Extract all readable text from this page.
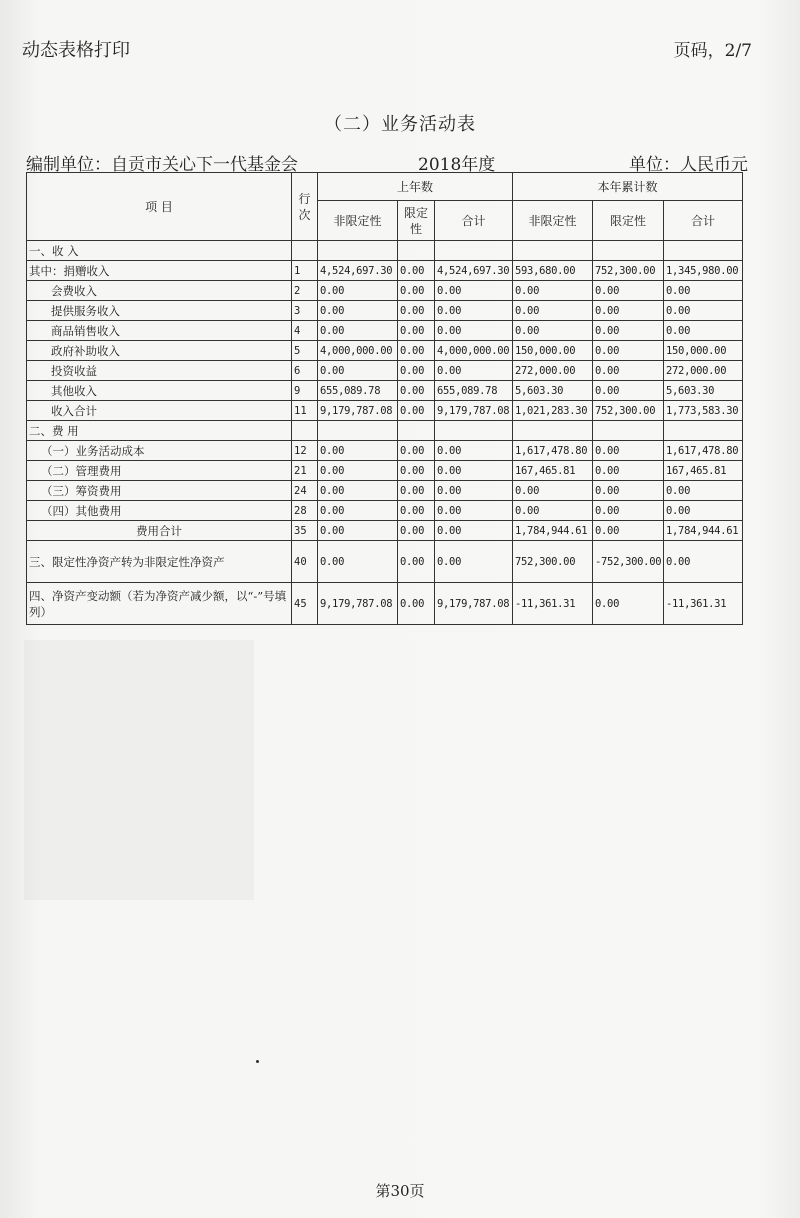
动态表格打印	页码，2/7
（二）业务活动表
编制单位：自贡市关心下一代基金会	2018年度	单位：人民币元
项 目	行次	上年数			本年累计数		
		非限定性	限定性	合计	非限定性	限定性	合计
一、收 入							
其中：捐赠收入	1	4,524,697.30	0.00	4,524,697.30	593,680.00	752,300.00	1,345,980.00
会费收入	2	0.00	0.00	0.00	0.00	0.00	0.00
提供服务收入	3	0.00	0.00	0.00	0.00	0.00	0.00
商品销售收入	4	0.00	0.00	0.00	0.00	0.00	0.00
政府补助收入	5	4,000,000.00	0.00	4,000,000.00	150,000.00	0.00	150,000.00
投资收益	6	0.00	0.00	0.00	272,000.00	0.00	272,000.00
其他收入	9	655,089.78	0.00	655,089.78	5,603.30	0.00	5,603.30
收入合计	11	9,179,787.08	0.00	9,179,787.08	1,021,283.30	752,300.00	1,773,583.30
二、费 用							
（一）业务活动成本	12	0.00	0.00	0.00	1,617,478.80	0.00	1,617,478.80
（二）管理费用	21	0.00	0.00	0.00	167,465.81	0.00	167,465.81
（三）筹资费用	24	0.00	0.00	0.00	0.00	0.00	0.00
（四）其他费用	28	0.00	0.00	0.00	0.00	0.00	0.00
费用合计	35	0.00	0.00	0.00	1,784,944.61	0.00	1,784,944.61
三、限定性净资产转为非限定性净资产	40	0.00	0.00	0.00	752,300.00	-752,300.00	0.00
四、净资产变动额（若为净资产减少额，以“-”号填列）	45	9,179,787.08	0.00	9,179,787.08	-11,361.31	0.00	-11,361.31
第30页
